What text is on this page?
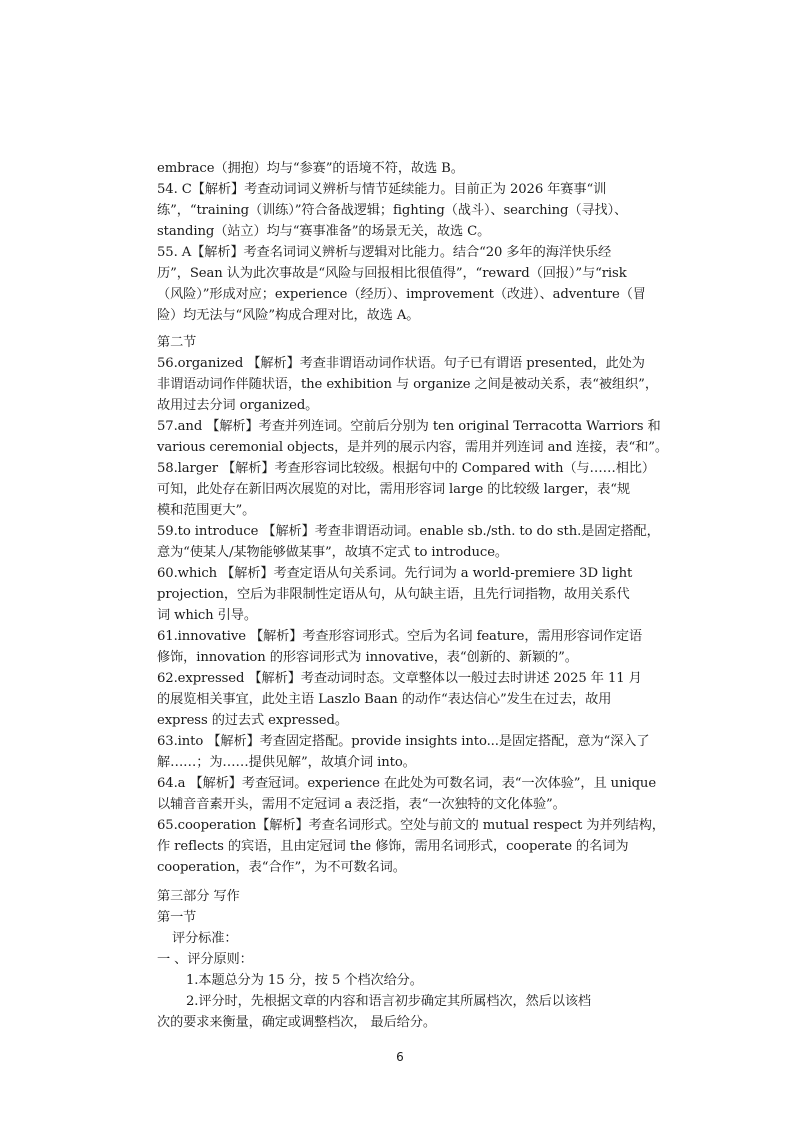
embrace（拥抱）均与“参赛”的语境不符，故选 B。
54. C【解析】考查动词词义辨析与情节延续能力。目前正为 2026 年赛事“训
练”，“training（训练）”符合备战逻辑；fighting（战斗）、searching（寻找）、
standing（站立）均与“赛事准备”的场景无关，故选 C。
55. A【解析】考查名词词义辨析与逻辑对比能力。结合“20 多年的海洋快乐经
历”，Sean 认为此次事故是“风险与回报相比很值得”，“reward（回报）”与“risk
（风险）”形成对应；experience（经历）、improvement（改进）、adventure（冒
险）均无法与“风险”构成合理对比，故选 A。
第二节
56.organized 【解析】考查非谓语动词作状语。句子已有谓语 presented，此处为
非谓语动词作伴随状语，the exhibition 与 organize 之间是被动关系，表“被组织”，
故用过去分词 organized。
57.and 【解析】考查并列连词。空前后分别为 ten original Terracotta Warriors 和
various ceremonial objects，是并列的展示内容，需用并列连词 and 连接，表“和”。
58.larger 【解析】考查形容词比较级。根据句中的 Compared with（与……相比）
可知，此处存在新旧两次展览的对比，需用形容词 large 的比较级 larger，表“规
模和范围更大”。
59.to introduce 【解析】考查非谓语动词。enable sb./sth. to do sth.是固定搭配，
意为“使某人/某物能够做某事”，故填不定式 to introduce。
60.which 【解析】考查定语从句关系词。先行词为 a world-premiere 3D light
projection，空后为非限制性定语从句，从句缺主语，且先行词指物，故用关系代
词 which 引导。
61.innovative 【解析】考查形容词形式。空后为名词 feature，需用形容词作定语
修饰，innovation 的形容词形式为 innovative，表“创新的、新颖的”。
62.expressed 【解析】考查动词时态。文章整体以一般过去时讲述 2025 年 11 月
的展览相关事宜，此处主语 Laszlo Baan 的动作“表达信心”发生在过去，故用
express 的过去式 expressed。
63.into 【解析】考查固定搭配。provide insights into...是固定搭配，意为“深入了
解……；为……提供见解”，故填介词 into。
64.a 【解析】考查冠词。experience 在此处为可数名词，表“一次体验”，且 unique
以辅音音素开头，需用不定冠词 a 表泛指，表“一次独特的文化体验”。
65.cooperation【解析】考查名词形式。空处与前文的 mutual respect 为并列结构，
作 reflects 的宾语，且由定冠词 the 修饰，需用名词形式，cooperate 的名词为
cooperation，表“合作”，为不可数名词。
第三部分 写作
第一节
评分标准：
一 、评分原则：
1.本题总分为 15 分，按 5 个档次给分。
2.评分时，先根据文章的内容和语言初步确定其所属档次，然后以该档
次的要求来衡量，确定或调整档次， 最后给分。
6
